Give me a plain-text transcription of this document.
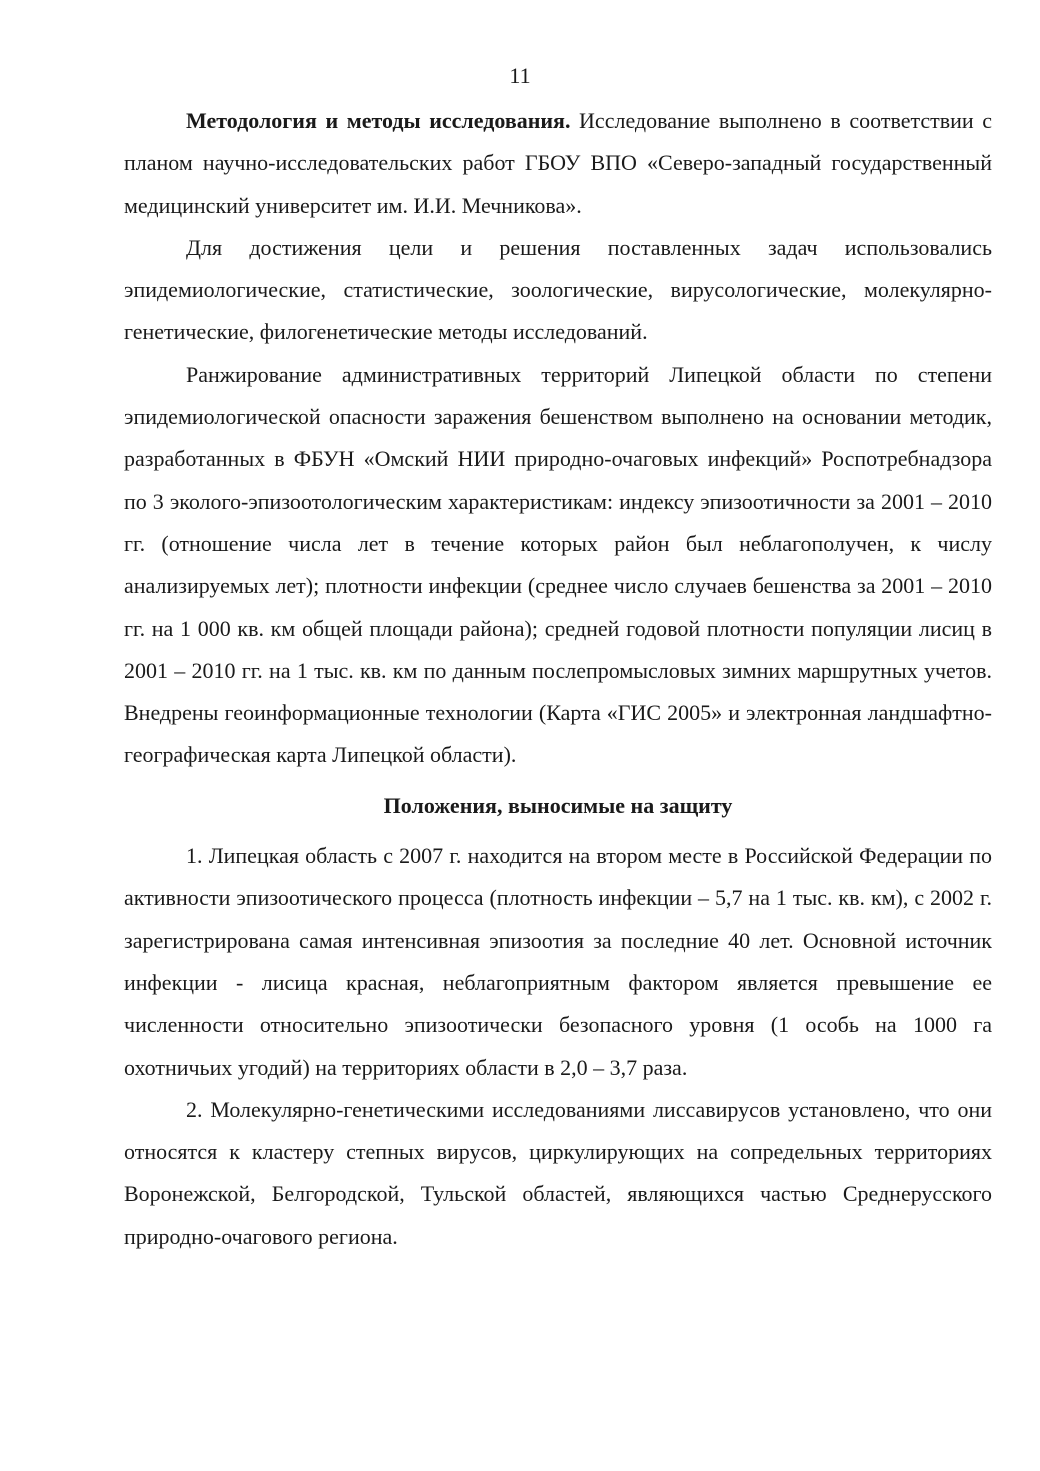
11

Методология и методы исследования. Исследование выполнено в соответствии с планом научно-исследовательских работ ГБОУ ВПО «Северо-западный государственный медицинский университет им. И.И. Мечникова».

Для достижения цели и решения поставленных задач использовались эпидемиологические, статистические, зоологические, вирусологические, молекулярно-генетические, филогенетические методы исследований.

Ранжирование административных территорий Липецкой области по степени эпидемиологической опасности заражения бешенством выполнено на основании методик, разработанных в ФБУН «Омский НИИ природно-очаговых инфекций» Роспотребнадзора по 3 эколого-эпизоотологическим характеристикам: индексу эпизоотичности за 2001 – 2010 гг. (отношение числа лет в течение которых район был неблагополучен, к числу анализируемых лет); плотности инфекции (среднее число случаев бешенства за 2001 – 2010 гг. на 1 000 кв. км общей площади района); средней годовой плотности популяции лисиц в 2001 – 2010 гг. на 1 тыс. кв. км по данным послепромысловых зимних маршрутных учетов. Внедрены геоинформационные технологии (Карта «ГИС 2005» и электронная ландшафтно-географическая карта Липецкой области).

Положения, выносимые на защиту

1. Липецкая область с 2007 г. находится на втором месте в Российской Федерации по активности эпизоотического процесса (плотность инфекции – 5,7 на 1 тыс. кв. км), с 2002 г. зарегистрирована самая интенсивная эпизоотия за последние 40 лет. Основной источник инфекции - лисица красная, неблагоприятным фактором является превышение ее численности относительно эпизоотически безопасного уровня (1 особь на 1000 га охотничьих угодий) на территориях области в 2,0 – 3,7 раза.

2. Молекулярно-генетическими исследованиями лиссавирусов установлено, что они относятся к кластеру степных вирусов, циркулирующих на сопредельных территориях Воронежской, Белгородской, Тульской областей, являющихся частью Среднерусского природно-очагового региона.
